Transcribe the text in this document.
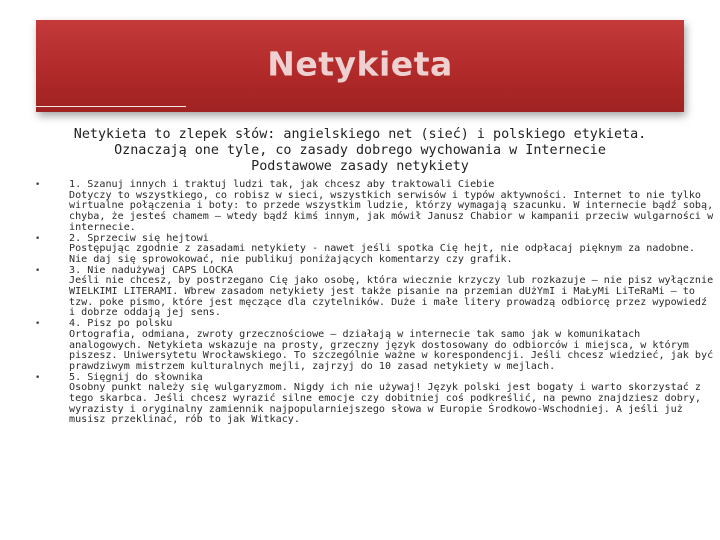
Netykieta
Netykieta to zlepek słów: angielskiego net (sieć) i polskiego etykieta.
Oznaczają one tyle, co zasady dobrego wychowania w Internecie
Podstawowe zasady netykiety
•	1. Szanuj innych i traktuj ludzi tak, jak chcesz aby traktowali Ciebie
Dotyczy to wszystkiego, co robisz w sieci, wszystkich serwisów i typów aktywności. Internet to nie tylko wirtualne połączenia i boty: to przede wszystkim ludzie, którzy wymagają szacunku. W internecie bądź sobą, chyba, że jesteś chamem – wtedy bądź kimś innym, jak mówił Janusz Chabior w kampanii przeciw wulgarności w internecie.
•	2. Sprzeciw się hejtowi
Postępując zgodnie z zasadami netykiety - nawet jeśli spotka Cię hejt, nie odpłacaj pięknym za nadobne. Nie daj się sprowokować, nie publikuj poniżających komentarzy czy grafik.
•	3. Nie nadużywaj CAPS LOCKA
Jeśli nie chcesz, by postrzegano Cię jako osobę, która wiecznie krzyczy lub rozkazuje – nie pisz wyłącznie WIELKIMI LITERAMI. Wbrew zasadom netykiety jest także pisanie na przemian dUżYmI i MaŁyMi LiTeRaMi – to tzw. poke pismo, które jest męczące dla czytelników. Duże i małe litery prowadzą odbiorcę przez wypowiedź i dobrze oddają jej sens.
•	4. Pisz po polsku
Ortografia, odmiana, zwroty grzecznościowe – działają w internecie tak samo jak w komunikatach analogowych. Netykieta wskazuje na prosty, grzeczny język dostosowany do odbiorców i miejsca, w którym piszesz. Uniwersytetu Wrocławskiego. To szczególnie ważne w korespondencji. Jeśli chcesz wiedzieć, jak być prawdziwym mistrzem kulturalnych mejli, zajrzyj do 10 zasad netykiety w mejlach.
•	5. Sięgnij do słownika
Osobny punkt należy się wulgaryzmom. Nigdy ich nie używaj! Język polski jest bogaty i warto skorzystać z tego skarbca. Jeśli chcesz wyrazić silne emocje czy dobitniej coś podkreślić, na pewno znajdziesz dobry, wyrazisty i oryginalny zamiennik najpopularniejszego słowa w Europie Środkowo-Wschodniej. A jeśli już musisz przeklinać, rób to jak Witkacy.
